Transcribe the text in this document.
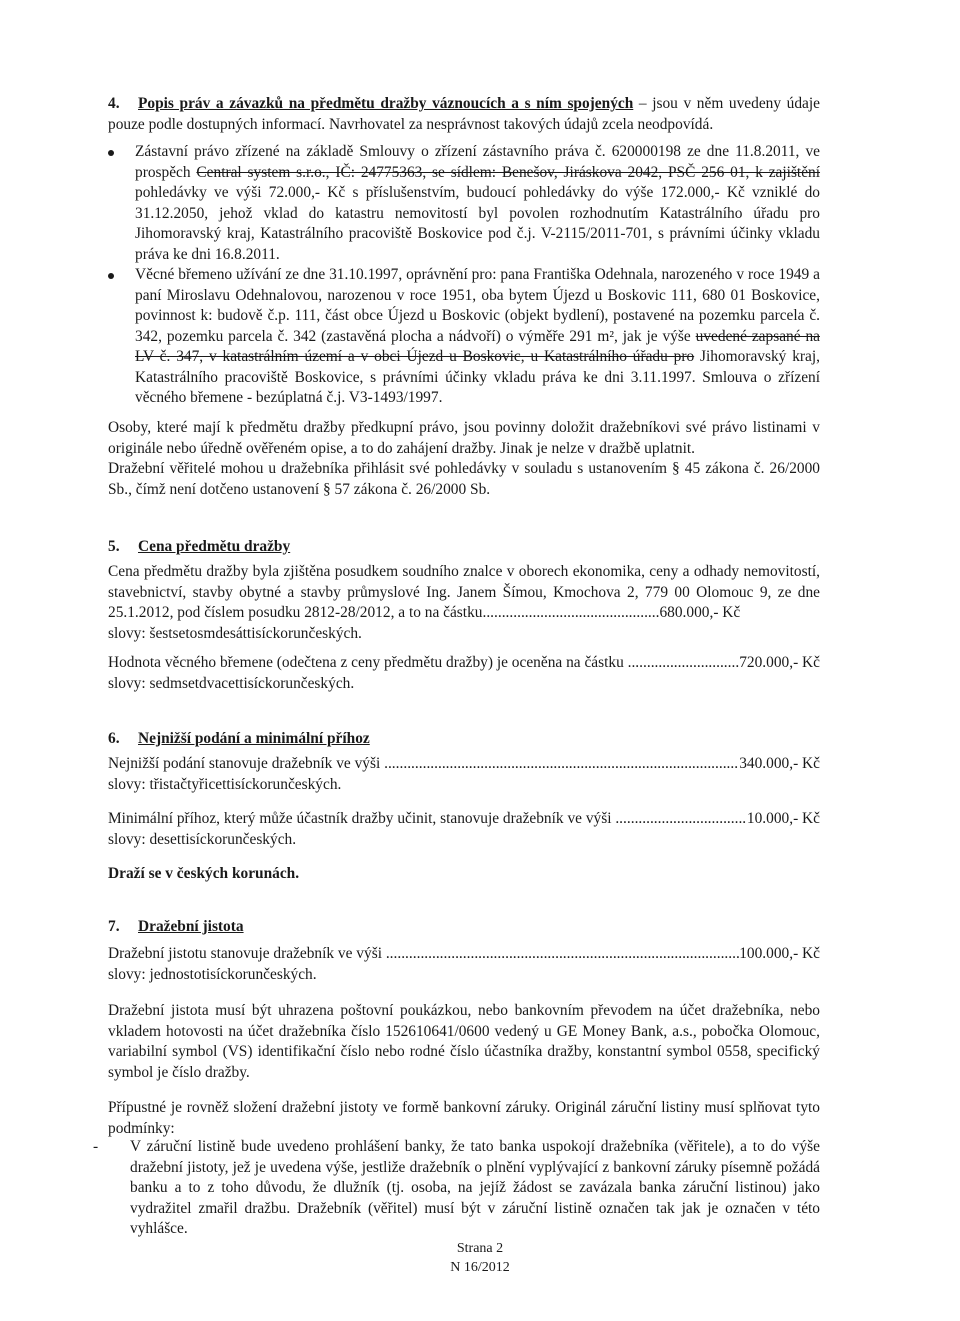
4. Popis práv a závazků na předmětu dražby váznoucích a s ním spojených – jsou v něm uvedeny údaje pouze podle dostupných informací. Navrhovatel za nesprávnost takových údajů zcela neodpovídá.
Zástavní právo zřízené na základě Smlouvy o zřízení zástavního práva č. 620000198 ze dne 11.8.2011, ve prospěch Central system s.r.o., IČ: 24775363, se sídlem: Benešov, Jiráskova 2042, PSČ 256 01, k zajištění pohledávky ve výši 72.000,- Kč s příslušenstvím, budoucí pohledávky do výše 172.000,- Kč vzniklé do 31.12.2050, jehož vklad do katastru nemovitostí byl povolen rozhodnutím Katastrálního úřadu pro Jihomoravský kraj, Katastrálního pracoviště Boskovice pod č.j. V-2115/2011-701, s právními účinky vkladu práva ke dni 16.8.2011.
Věcné břemeno užívání ze dne 31.10.1997, oprávnění pro: pana Františka Odehnala, narozeného v roce 1949 a paní Miroslavu Odehnalovou, narozenou v roce 1951, oba bytem Újezd u Boskovic 111, 680 01 Boskovice, povinnost k: budově č.p. 111, část obce Újezd u Boskovic (objekt bydlení), postavené na pozemku parcela č. 342, pozemku parcela č. 342 (zastavěná plocha a nádvoří) o výměře 291 m², jak je výše uvedené zapsané na LV č. 347, v katastrálním území a v obci Újezd u Boskovic, u Katastrálního úřadu pro Jihomoravský kraj, Katastrálního pracoviště Boskovice, s právními účinky vkladu práva ke dni 3.11.1997. Smlouva o zřízení věcného břemene - bezúplatná č.j. V3-1493/1997.

Osoby, které mají k předmětu dražby předkupní právo, jsou povinny doložit dražebníkovi své právo listinami v originále nebo úředně ověřeném opise, a to do zahájení dražby. Jinak je nelze v dražbě uplatnit.

Dražební věřitelé mohou u dražebníka přihlásit své pohledávky v souladu s ustanovením § 45 zákona č. 26/2000 Sb., čímž není dotčeno ustanovení § 57 zákona č. 26/2000 Sb.

5. Cena předmětu dražby
Cena předmětu dražby byla zjištěna posudkem soudního znalce v oborech ekonomika, ceny a odhady nemovitostí, stavebnictví, stavby obytné a stavby průmyslové Ing. Janem Šímou, Kmochova 2, 779 00 Olomouc 9, ze dne 25.1.2012, pod číslem posudku 2812-28/2012, a to na částku..............................................680.000,- Kč
slovy: šestsetosmdesáttisíckorunčeských.
Hodnota věcného břemene (odečtena z ceny předmětu dražby) je oceněna na částku .....	720.000,- Kč
slovy: sedmsetdvacettisíckorunčeských.
6. Nejnižší podání a minimální příhoz
Nejnižší podání stanovuje dražebník ve výši .....	340.000,- Kč
slovy: třistačtyřicettisíckorunčeských.
Minimální příhoz, který může účastník dražby učinit, stanovuje dražebník ve výši .....	10.000,- Kč
slovy: desettisíckorunčeských.

Draží se v českých korunách.

7. Dražební jistota
Dražební jistotu stanovuje dražebník ve výši .....	100.000,- Kč
slovy: jednostotisíckorunčeských.

Dražební jistota musí být uhrazena poštovní poukázkou, nebo bankovním převodem na účet dražebníka, nebo vkladem hotovosti na účet dražebníka číslo 152610641/0600 vedený u GE Money Bank, a.s., pobočka Olomouc, variabilní symbol (VS) identifikační číslo nebo rodné číslo účastníka dražby, konstantní symbol 0558, specifický symbol je číslo dražby.

Přípustné je rovněž složení dražební jistoty ve formě bankovní záruky. Originál záruční listiny musí splňovat tyto podmínky:

- V záruční listině bude uvedeno prohlášení banky, že tato banka uspokojí dražebníka (věřitele), a to do výše dražební jistoty, jež je uvedena výše, jestliže dražebník o plnění vyplývající z bankovní záruky písemně požádá banku a to z toho důvodu, že dlužník (tj. osoba, na jejíž žádost se zavázala banka záruční listinou) jako vydražitel zmařil dražbu. Dražebník (věřitel) musí být v záruční listině označen tak jak je označen v této vyhlášce.
Strana 2
N 16/2012
